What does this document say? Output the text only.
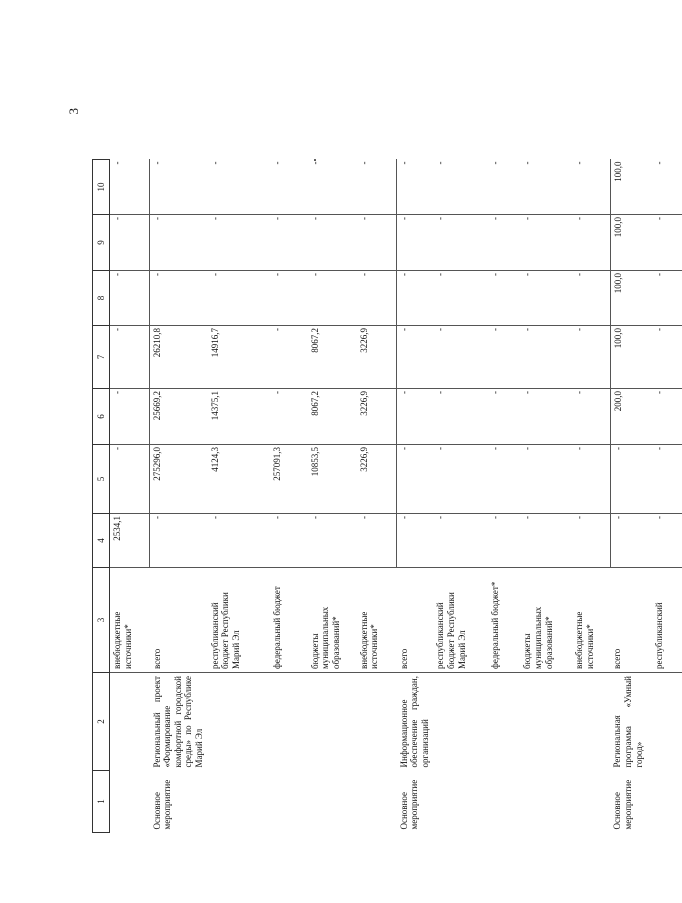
3
1	2	3	4	5	6	7	8	9	10
		внебюджетные источники*	2534,1	-	-	-	-	-	-
Основное мероприятие	Региональный проект «Формирование комфортной городской среды» по Республике Марий Эл	всего	-	275296,0	25669,2	26210,8	-	-	-
		республиканский бюджет Республики Марий Эл	-	4124,3	14375,1	14916,7	-	-	-
		федеральный бюджет	-	257091,3	-	-	-	-	-
		бюджеты муниципальных образований*	-	10853,5	8067,2	8067,2	-	-	-
		внебюджетные источники*	-	3226,9	3226,9	3226,9	-	-	-
Основное мероприятие	Информационное обеспечение граждан, организаций	всего	-	-	-	-	-	-	-
		республиканский бюджет Республики Марий Эл	-	-	-	-	-	-	-
		федеральный бюджет*	-	-	-	-	-	-	-
		бюджеты муниципальных образований*	-	-	-	-	-	-	-
		внебюджетные источники*	-	-	-	-	-	-	-
Основное мероприятие	Региональная программа «Умный город»	всего	-	-	200,0	100,0	100,0	100,0	100,0
		республиканский	-	-	-	-	-	-	-
